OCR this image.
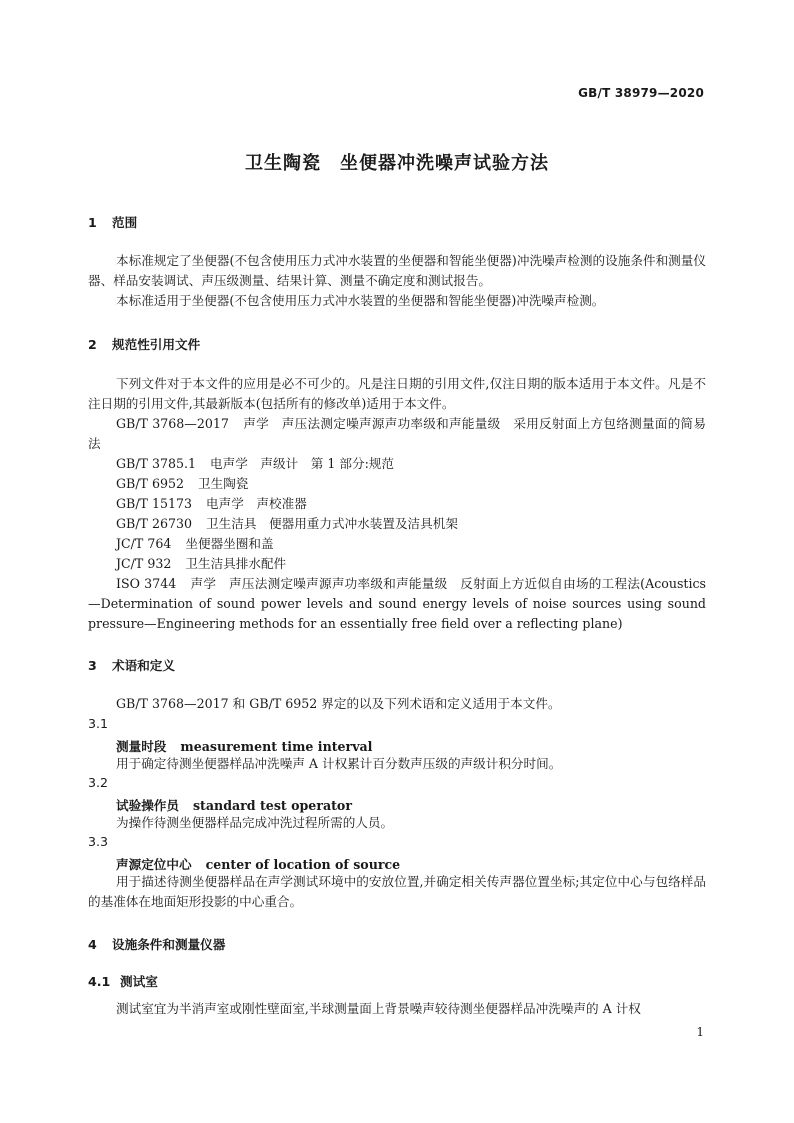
GB/T 38979—2020
卫生陶瓷　坐便器冲洗噪声试验方法
1 范围

本标准规定了坐便器(不包含使用压力式冲水装置的坐便器和智能坐便器)冲洗噪声检测的设施条件和测量仪器、样品安装调试、声压级测量、结果计算、测量不确定度和测试报告。

本标准适用于坐便器(不包含使用压力式冲水装置的坐便器和智能坐便器)冲洗噪声检测。

2 规范性引用文件

下列文件对于本文件的应用是必不可少的。凡是注日期的引用文件,仅注日期的版本适用于本文件。凡是不注日期的引用文件,其最新版本(包括所有的修改单)适用于本文件。

GB/T 3768—2017 声学　声压法测定噪声源声功率级和声能量级　采用反射面上方包络测量面的简易法

GB/T 3785.1 电声学　声级计　第 1 部分:规范

GB/T 6952 卫生陶瓷

GB/T 15173 电声学　声校准器

GB/T 26730 卫生洁具　便器用重力式冲水装置及洁具机架

JC/T 764 坐便器坐圈和盖

JC/T 932 卫生洁具排水配件

ISO 3744 声学　声压法测定噪声源声功率级和声能量级　反射面上方近似自由场的工程法(Acoustics—Determination of sound power levels and sound energy levels of noise sources using sound pressure—Engineering methods for an essentially free field over a reflecting plane)

3 术语和定义

GB/T 3768—2017 和 GB/T 6952 界定的以及下列术语和定义适用于本文件。

3.1
测量时段 measurement time interval

用于确定待测坐便器样品冲洗噪声 A 计权累计百分数声压级的声级计积分时间。

3.2
试验操作员 standard test operator

为操作待测坐便器样品完成冲洗过程所需的人员。

3.3
声源定位中心 center of location of source

用于描述待测坐便器样品在声学测试环境中的安放位置,并确定相关传声器位置坐标;其定位中心与包络样品的基准体在地面矩形投影的中心重合。

4 设施条件和测量仪器
4.1 测试室

测试室宜为半消声室或刚性壁面室,半球测量面上背景噪声较待测坐便器样品冲洗噪声的 A 计权

1
